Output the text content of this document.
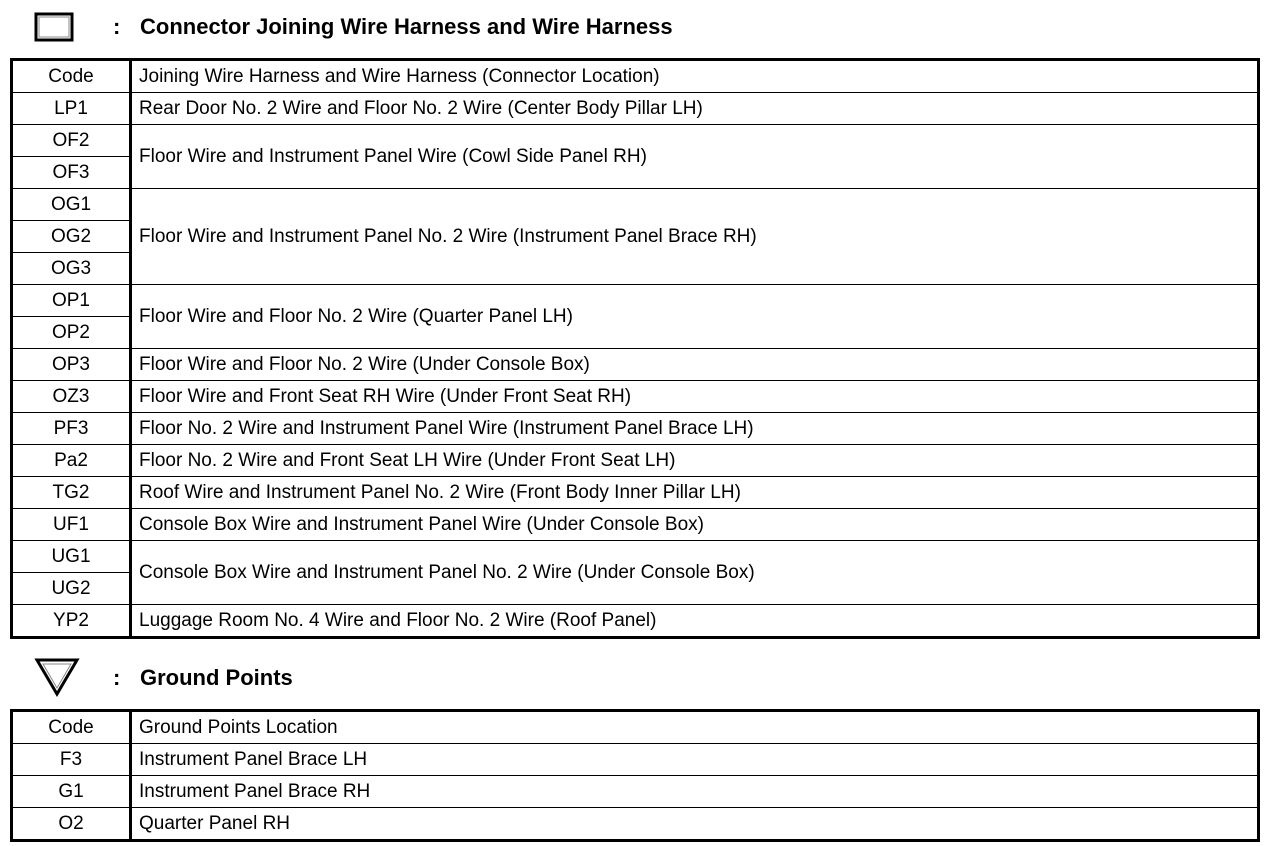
: Connector Joining Wire Harness and Wire Harness
Code	Joining Wire Harness and Wire Harness (Connector Location)
LP1	Rear Door No. 2 Wire and Floor No. 2 Wire (Center Body Pillar LH)
OF2	Floor Wire and Instrument Panel Wire (Cowl Side Panel RH)
OF3	
OG1	Floor Wire and Instrument Panel No. 2 Wire (Instrument Panel Brace RH)
OG2	
OG3	
OP1	Floor Wire and Floor No. 2 Wire (Quarter Panel LH)
OP2	
OP3	Floor Wire and Floor No. 2 Wire (Under Console Box)
OZ3	Floor Wire and Front Seat RH Wire (Under Front Seat RH)
PF3	Floor No. 2 Wire and Instrument Panel Wire (Instrument Panel Brace LH)
Pa2	Floor No. 2 Wire and Front Seat LH Wire (Under Front Seat LH)
TG2	Roof Wire and Instrument Panel No. 2 Wire (Front Body Inner Pillar LH)
UF1	Console Box Wire and Instrument Panel Wire (Under Console Box)
UG1	Console Box Wire and Instrument Panel No. 2 Wire (Under Console Box)
UG2	
YP2	Luggage Room No. 4 Wire and Floor No. 2 Wire (Roof Panel)
: Ground Points
Code	Ground Points Location
F3	Instrument Panel Brace LH
G1	Instrument Panel Brace RH
O2	Quarter Panel RH
